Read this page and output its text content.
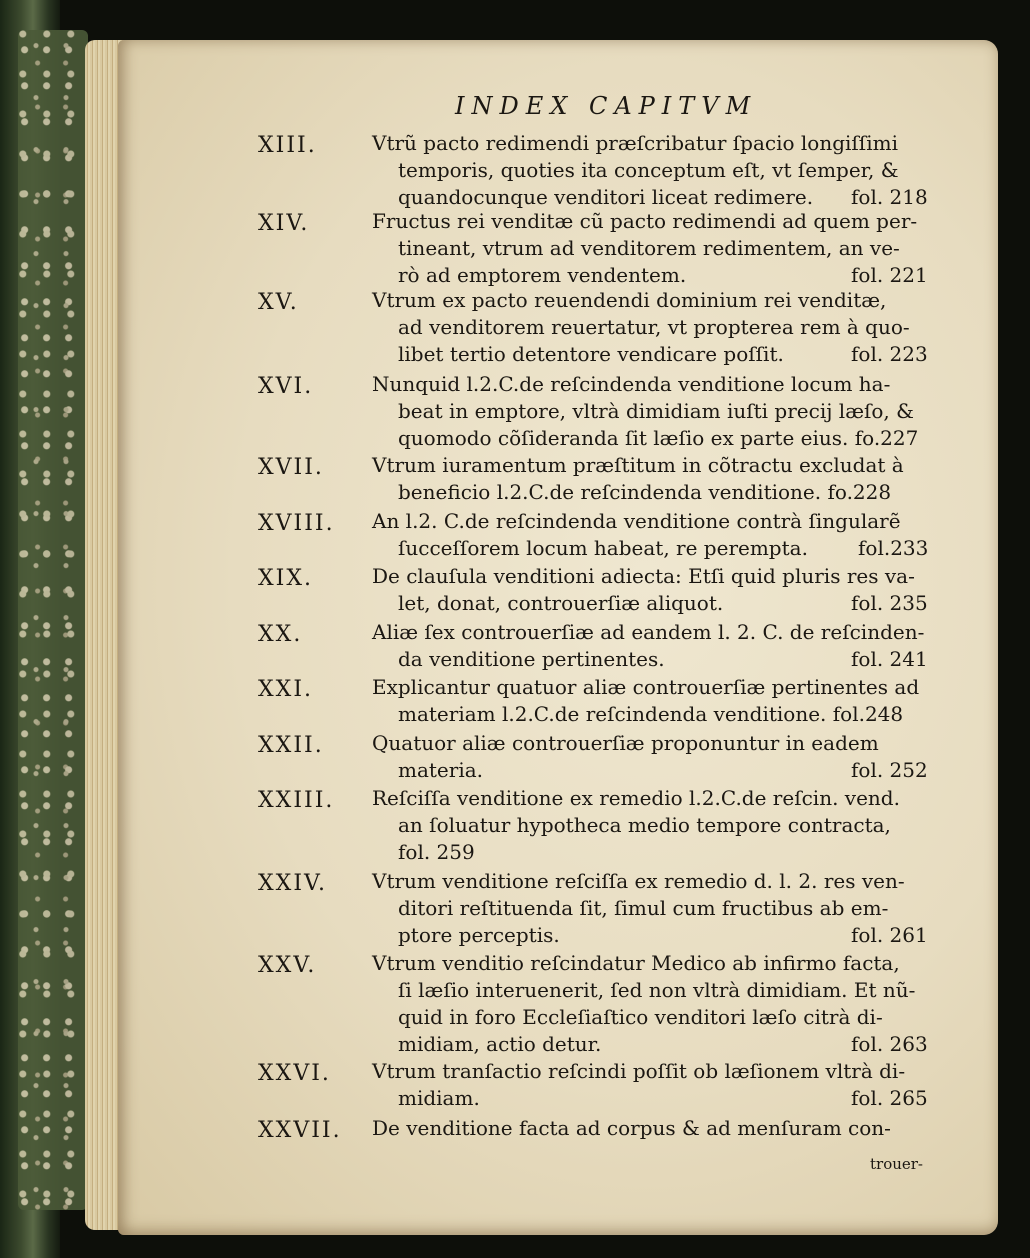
INDEX CAPITVM
XIII.	Vtrũ pacto redimendi præſcribatur ſpacio longiſſimi
temporis, quoties ita conceptum eſt, vt ſemper, &
quandocunque venditori liceat redimere. fol. 218
XIV.	Fructus rei venditæ cũ pacto redimendi ad quem per-
tineant, vtrum ad venditorem redimentem, an ve-
rò ad emptorem vendentem.	fol. 221
XV.	Vtrum ex pacto reuendendi dominium rei venditæ,
ad venditorem reuertatur, vt propterea rem à quo-
libet tertio detentore vendicare poſſit.	fol. 223
XVI.	Nunquid l.2.C.de reſcindenda venditione locum ha-
beat in emptore, vltrà dimidiam iuſti precij læſo, &
quomodo cõſideranda ſit læſio ex parte eius. fo.227
XVII. Vtrum iuramentum præſtitum in cõtractu excludat à
beneficio l.2.C.de reſcindenda venditione. fo.228
XVIII. An l.2. C.de reſcindenda venditione contrà ſingularẽ
ſucceſſorem locum habeat, re perempta.	fol.233
XIX.	De clauſula venditioni adiecta: Etſi quid pluris res va-
let, donat, controuerſiæ aliquot.	fol. 235
XX.	Aliæ ſex controuerſiæ ad eandem l. 2. C. de reſcinden-
da venditione pertinentes.	fol. 241
XXI.	Explicantur quatuor aliæ controuerſiæ pertinentes ad
materiam l.2.C.de reſcindenda venditione. fol.248
XXII. Quatuor aliæ controuerſiæ proponuntur in eadem
materia.	fol. 252
XXIII. Reſciſſa venditione ex remedio l.2.C.de reſcin. vend.
an ſoluatur hypotheca medio tempore contracta,
fol. 259
XXIV. Vtrum venditione reſciſſa ex remedio d. l. 2. res ven-
ditori reſtituenda ſit, ſimul cum fructibus ab em-
ptore perceptis.	fol. 261
XXV.	Vtrum venditio reſcindatur Medico ab infirmo facta,
ſi læſio interuenerit, ſed non vltrà dimidiam. Et nũ-
quid in foro Eccleſiaſtico venditori læſo citrà di-
midiam, actio detur.	fol. 263
XXVI. Vtrum tranſactio reſcindi poſſit ob læſionem vltrà di-
midiam.	fol. 265
XXVII. De venditione facta ad corpus & ad menſuram con-
trouer-
